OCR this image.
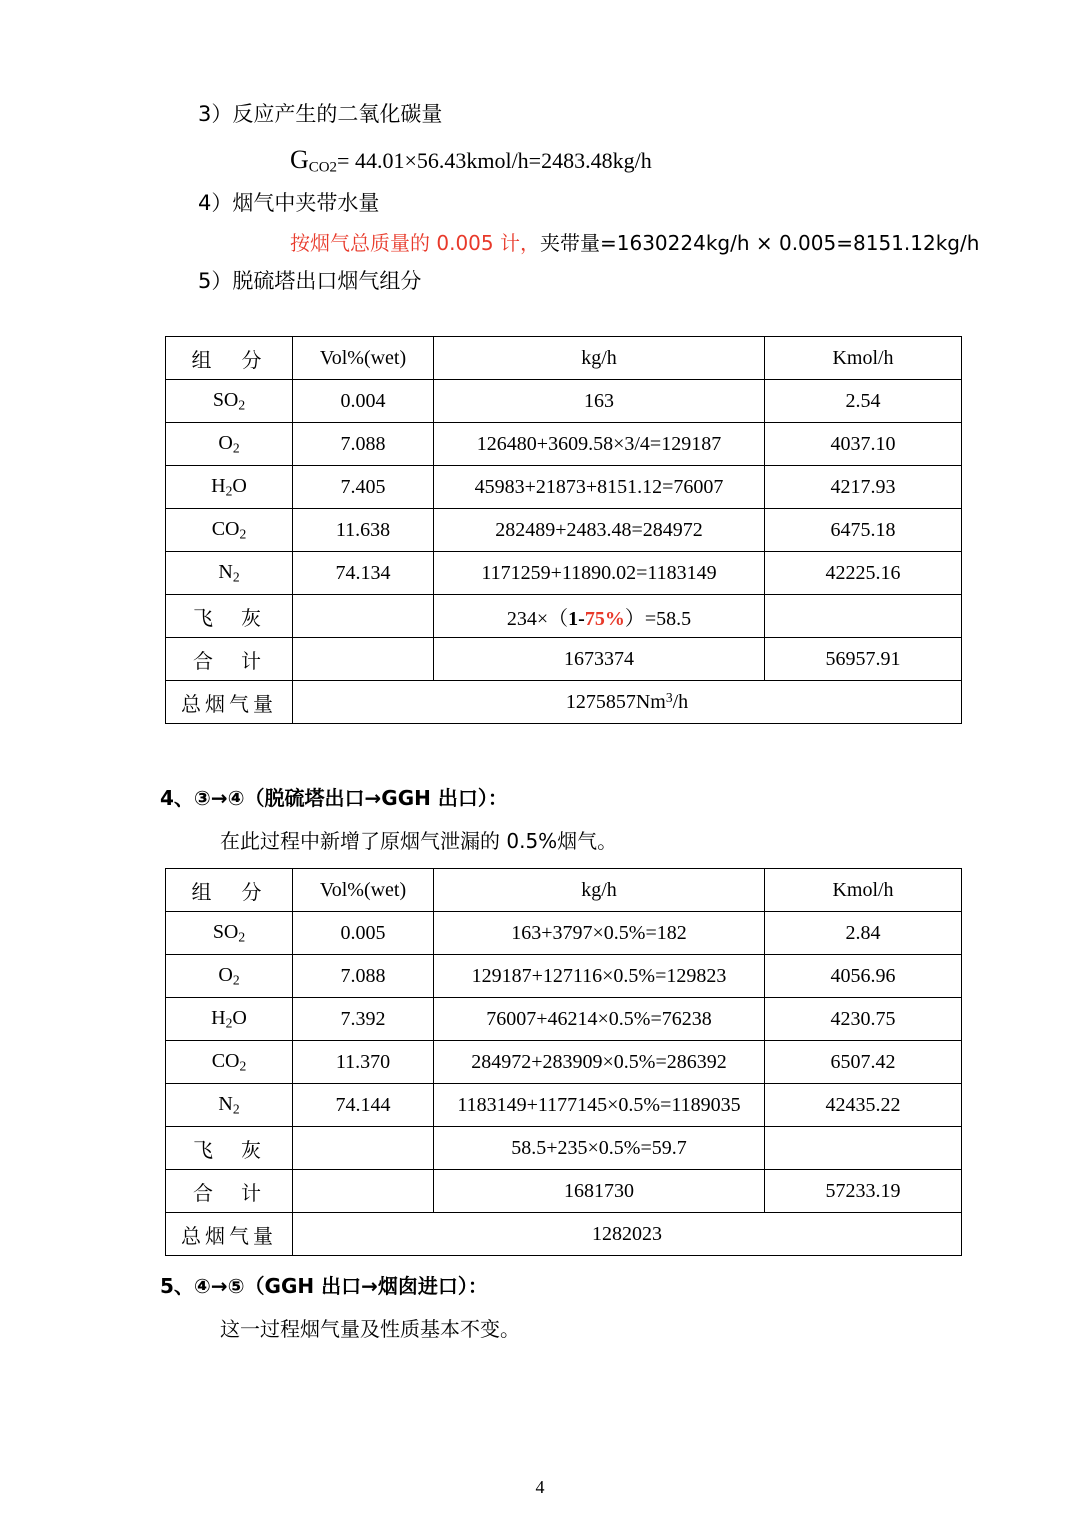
3）反应产生的二氧化碳量
$G_{CO2}=$ 44.01×56.43kmol/h=2483.48kg/h
4）烟气中夹带水量
按烟气总质量的 0.005 计，夹带量=1630224kg/h × 0.005=8151.12kg/h
5）脱硫塔出口烟气组分
组　分	Vol%(wet)	kg/h	Kmol/h
$SO_2$	0.004	163	2.54
$O_2$	7.088	126480+3609.58×3/4=129187	4037.10
$H_2O$	7.405	45983+21873+8151.12=76007	4217.93
$CO_2$	11.638	282489+2483.48=284972	6475.18
$N_2$	74.134	1171259+11890.02=1183149	42225.16
飞　灰		234×（1-75%）=58.5	
合　计		1673374	56957.91
总烟气量	1275857Nm$^3$/h		
4、③→④（脱硫塔出口→GGH 出口）：
在此过程中新增了原烟气泄漏的 0.5%烟气。
组　分	Vol%(wet)	kg/h	Kmol/h
$SO_2$	0.005	163+3797×0.5%=182	2.84
$O_2$	7.088	129187+127116×0.5%=129823	4056.96
$H_2O$	7.392	76007+46214×0.5%=76238	4230.75
$CO_2$	11.370	284972+283909×0.5%=286392	6507.42
$N_2$	74.144	1183149+1177145×0.5%=1189035	42435.22
飞　灰		58.5+235×0.5%=59.7	
合　计		1681730	57233.19
总烟气量	1282023		
5、④→⑤（GGH 出口→烟囱进口）：
这一过程烟气量及性质基本不变。
4
